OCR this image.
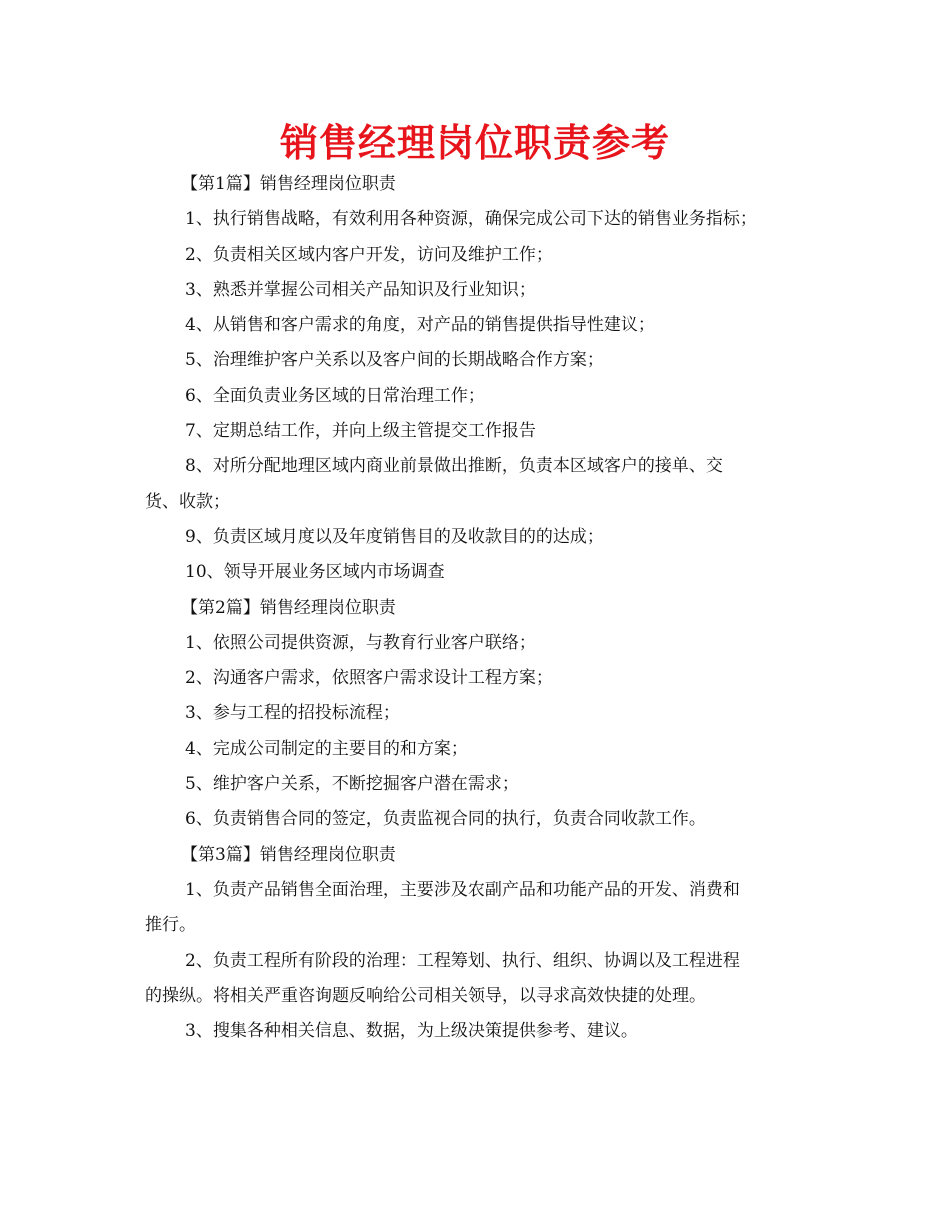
销售经理岗位职责参考
【第1篇】销售经理岗位职责
1、执行销售战略，有效利用各种资源，确保完成公司下达的销售业务指标；
2、负责相关区域内客户开发，访问及维护工作；
3、熟悉并掌握公司相关产品知识及行业知识；
4、从销售和客户需求的角度，对产品的销售提供指导性建议；
5、治理维护客户关系以及客户间的长期战略合作方案；
6、全面负责业务区域的日常治理工作；
7、定期总结工作，并向上级主管提交工作报告
8、对所分配地理区域内商业前景做出推断，负责本区域客户的接单、交
货、收款；
9、负责区域月度以及年度销售目的及收款目的的达成；
10、领导开展业务区域内市场调查
【第2篇】销售经理岗位职责
1、依照公司提供资源，与教育行业客户联络；
2、沟通客户需求，依照客户需求设计工程方案；
3、参与工程的招投标流程；
4、完成公司制定的主要目的和方案；
5、维护客户关系，不断挖掘客户潜在需求；
6、负责销售合同的签定，负责监视合同的执行，负责合同收款工作。
【第3篇】销售经理岗位职责
1、负责产品销售全面治理，主要涉及农副产品和功能产品的开发、消费和
推行。
2、负责工程所有阶段的治理：工程筹划、执行、组织、协调以及工程进程
的操纵。将相关严重咨询题反响给公司相关领导，以寻求高效快捷的处理。
3、搜集各种相关信息、数据，为上级决策提供参考、建议。
